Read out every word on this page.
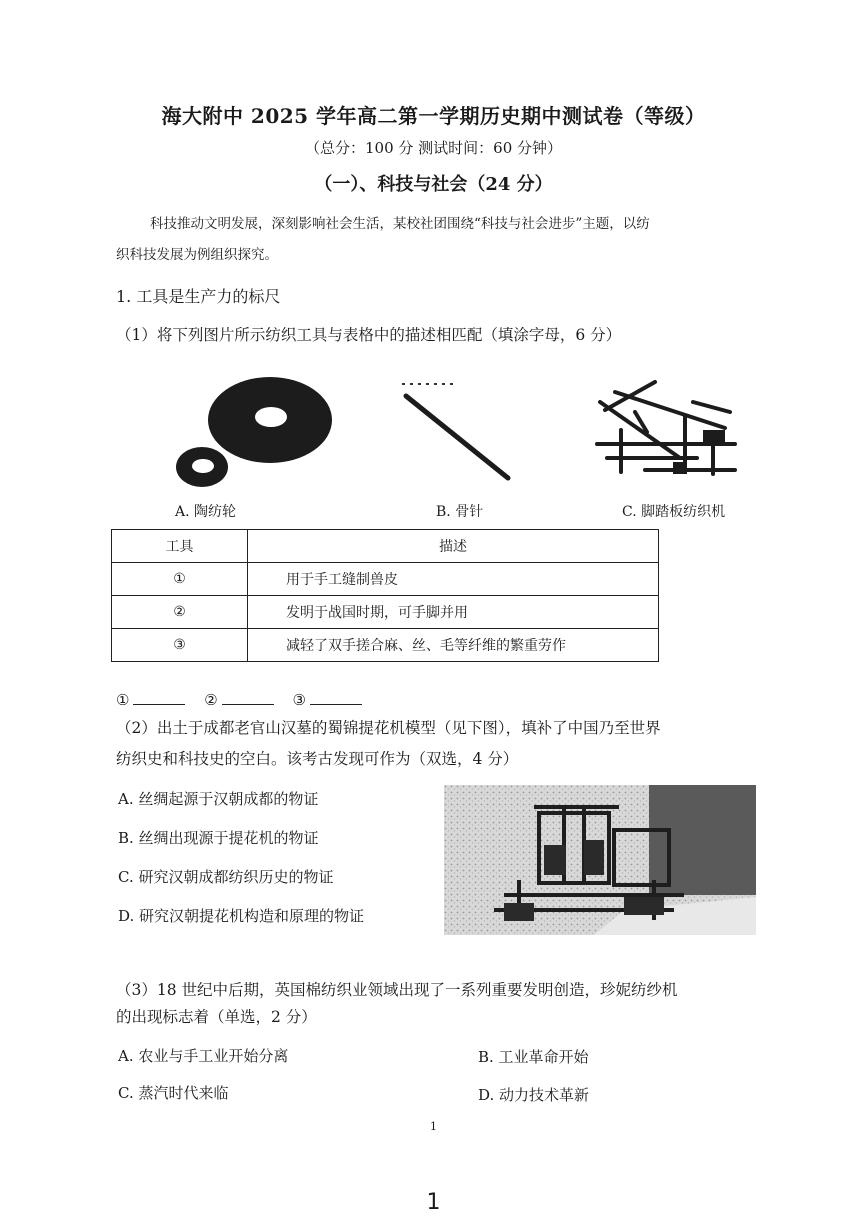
海大附中 2025 学年高二第一学期历史期中测试卷（等级）
（总分：100 分 测试时间：60 分钟）
（一）、科技与社会（24 分）
科技推动文明发展，深刻影响社会生活，某校社团围绕“科技与社会进步”主题，以纺
织科技发展为例组织探究。
1. 工具是生产力的标尺
（1）将下列图片所示纺织工具与表格中的描述相匹配（填涂字母，6 分）
A. 陶纺轮	B. 骨针	C. 脚踏板纺织机
工具	描述
①	用于手工缝制兽皮
②	发明于战国时期，可手脚并用
③	减轻了双手搓合麻、丝、毛等纤维的繁重劳作
①	②	③
（2）出土于成都老官山汉墓的蜀锦提花机模型（见下图），填补了中国乃至世界
纺织史和科技史的空白。该考古发现可作为（双选，4 分）
A. 丝绸起源于汉朝成都的物证
B. 丝绸出现源于提花机的物证
C. 研究汉朝成都纺织历史的物证
D. 研究汉朝提花机构造和原理的物证
（3）18 世纪中后期，英国棉纺织业领域出现了一系列重要发明创造，珍妮纺纱机
的出现标志着（单选，2 分）
A. 农业与手工业开始分离	B. 工业革命开始
C. 蒸汽时代来临	D. 动力技术革新
1
1
